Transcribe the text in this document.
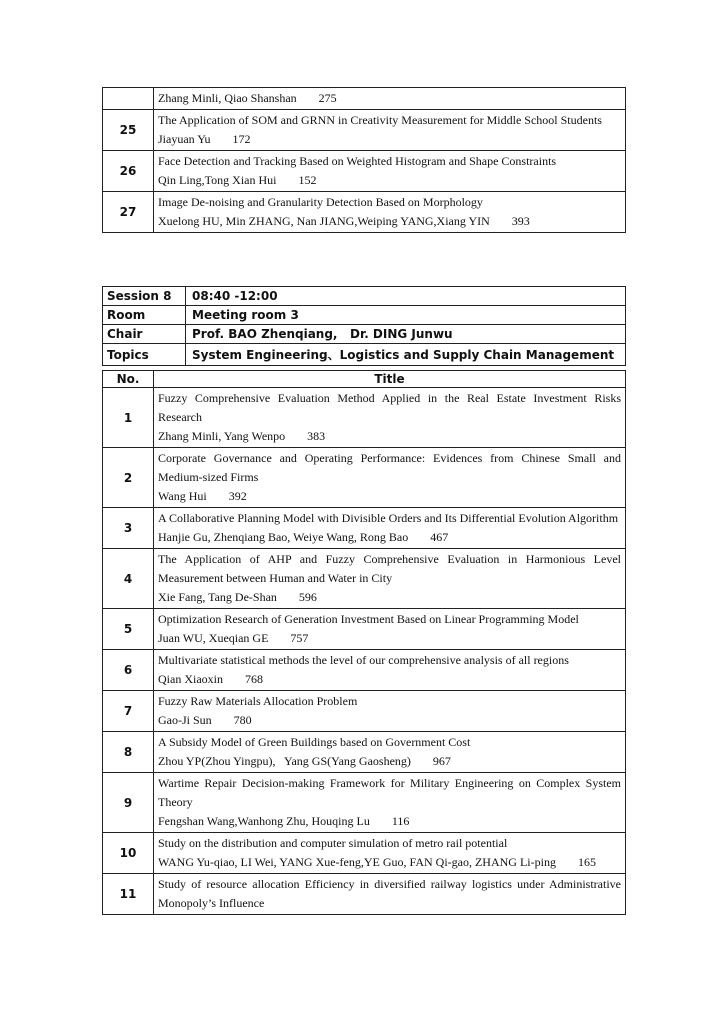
	Zhang Minli, Qiao Shanshan 275

25	The Application of SOM and GRNN in Creativity Measurement for Middle School Students
Jiayuan Yu 172

26	Face Detection and Tracking Based on Weighted Histogram and Shape Constraints
Qin Ling,Tong Xian Hui 152

27	Image De-noising and Granularity Detection Based on Morphology
Xuelong HU, Min ZHANG, Nan JIANG,Weiping YANG,Xiang YIN 393
Session 8	08:40 -12:00
Room	Meeting room 3
Chair	Prof. BAO Zhenqiang,   Dr. DING Junwu
Topics	System Engineering、Logistics and Supply Chain Management
No.	Title
1	Fuzzy Comprehensive Evaluation Method Applied in the Real Estate Investment Risks Research
Zhang Minli, Yang Wenpo 383

2	Corporate Governance and Operating Performance: Evidences from Chinese Small and Medium-sized Firms
Wang Hui 392

3	A Collaborative Planning Model with Divisible Orders and Its Differential Evolution Algorithm
Hanjie Gu, Zhenqiang Bao, Weiye Wang, Rong Bao 467

4	The Application of AHP and Fuzzy Comprehensive Evaluation in Harmonious Level Measurement between Human and Water in City
Xie Fang, Tang De-Shan 596

5	Optimization Research of Generation Investment Based on Linear Programming Model
Juan WU, Xueqian GE 757

6	Multivariate statistical methods the level of our comprehensive analysis of all regions
Qian Xiaoxin 768

7	Fuzzy Raw Materials Allocation Problem
Gao-Ji Sun 780

8	A Subsidy Model of Green Buildings based on Government Cost
Zhou YP(Zhou Yingpu),   Yang GS(Yang Gaosheng) 967

9	Wartime Repair Decision-making Framework for Military Engineering on Complex System Theory
Fengshan Wang,Wanhong Zhu, Houqing Lu 116

10	Study on the distribution and computer simulation of metro rail potential
WANG Yu-qiao, LI Wei, YANG Xue-feng,YE Guo, FAN Qi-gao, ZHANG Li-ping 165

11	Study of resource allocation Efficiency in diversified railway logistics under Administrative Monopoly’s Influence
